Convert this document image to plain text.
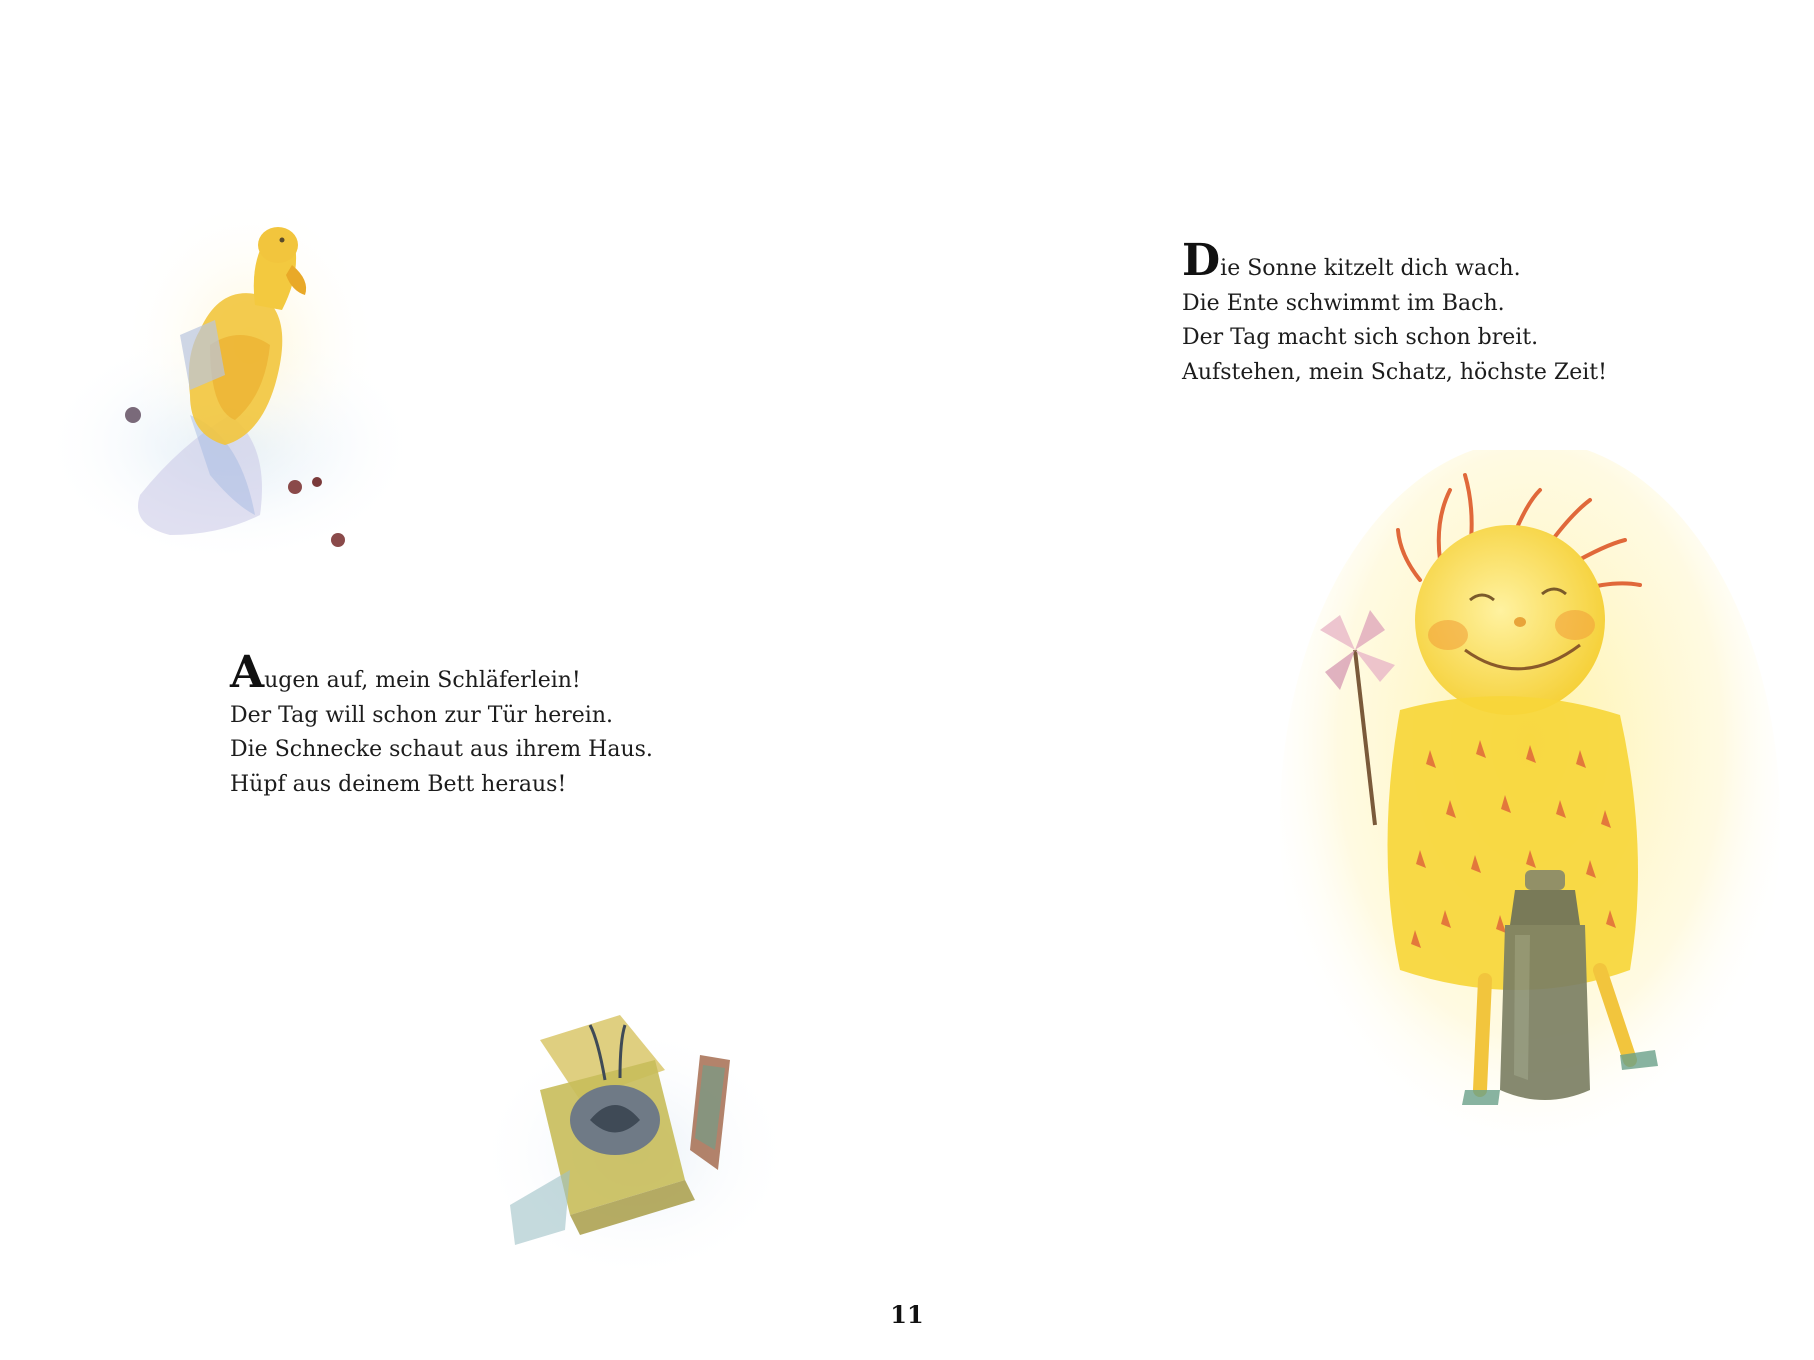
Augen auf, mein Schläferlein!
Der Tag will schon zur Tür herein.
Die Schnecke schaut aus ihrem Haus.
Hüpf aus deinem Bett heraus!
Die Sonne kitzelt dich wach.
Die Ente schwimmt im Bach.
Der Tag macht sich schon breit.
Aufstehen, mein Schatz, höchste Zeit!
11
